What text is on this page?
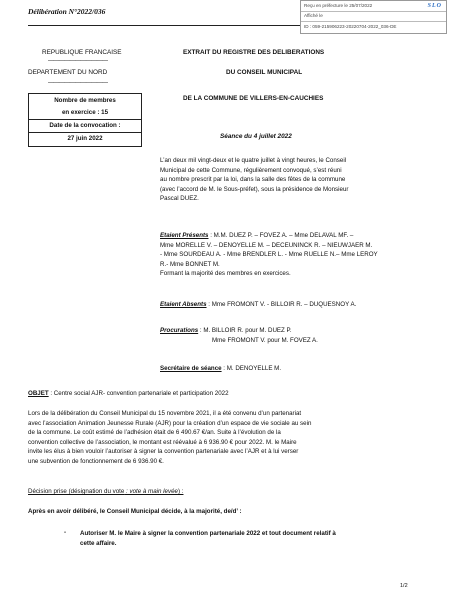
Délibération N°2022/036
Reçu en préfecture le 25/07/2022
Affiché le
ID : 059-215906223-20220704-2022_036-DE
SLO
REPUBLIQUE FRANCAISE
———————————
DEPARTEMENT DU NORD
———————————
Nombre de membres
en exercice : 15
Date de la convocation :
27 juin 2022
EXTRAIT DU REGISTRE DES DELIBERATIONS
DU CONSEIL MUNICIPAL
DE LA COMMUNE DE VILLERS-EN-CAUCHIES
Séance du 4 juillet 2022
L’an deux mil vingt-deux et le quatre juillet à vingt heures, le Conseil
Municipal de cette Commune, régulièrement convoqué, s’est réuni
au nombre prescrit par la loi, dans la salle des fêtes de la commune
(avec l’accord de M. le Sous-préfet), sous la présidence de Monsieur
Pascal DUEZ.
Etaient Présents : M.M. DUEZ P. – FOVEZ A. – Mme DELAVAL MF. –
Mme MORELLE V. – DENOYELLE M. – DECEUNINCK R. – NIEUWJAER M.
- Mme SOURDEAU A. - Mme BRENDLER L. - Mme RUELLE N.– Mme LEROY
R.- Mme BONNET M.
Formant la majorité des membres en exercices.
Etaient Absents : Mme FROMONT V. - BILLOIR R. – DUQUESNOY A.
Procurations : M. BILLOIR R. pour M. DUEZ P.
Mme FROMONT V. pour M. FOVEZ A.
Secrétaire de séance : M. DENOYELLE M.
OBJET : Centre social AJR- convention partenariale et participation 2022
Lors de la délibération du Conseil Municipal du 15 novembre 2021, il a été convenu d’un partenariat
avec l’association Animation Jeunesse Rurale (AJR) pour la création d’un espace de vie sociale au sein
de la commune. Le coût estimé de l’adhésion était de 6 490.67 €/an. Suite à l’évolution de la
convention collective de l’association, le montant est réévalué à 6 936.90 € pour 2022. M. le Maire
invite les élus à bien vouloir l’autoriser à signer la convention partenariale avec l’AJR et à lui verser
une subvention de fonctionnement de 6 936.90 €.
Décision prise (désignation du vote : vote à main levée) :
Après en avoir délibéré, le Conseil Municipal décide, à la majorité, de/d’ :
- Autoriser M. le Maire à signer la convention partenariale 2022 et tout document relatif à
cette affaire.
1/2
